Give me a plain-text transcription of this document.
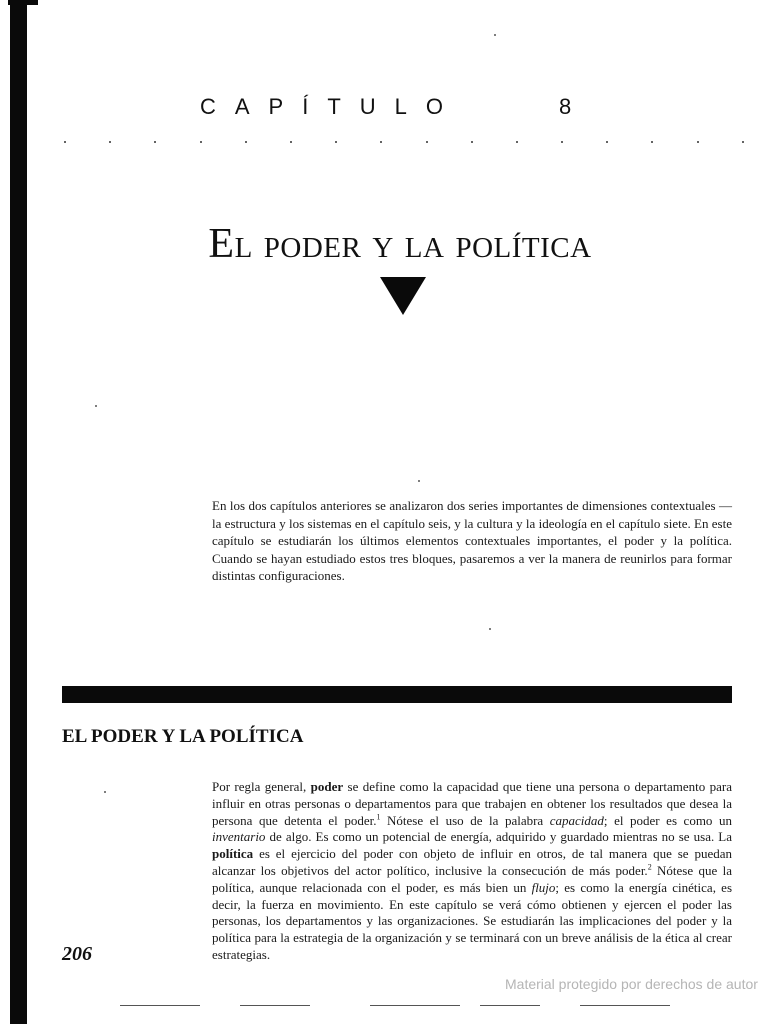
CAPÍTULO	8
El poder y la política
En los dos capítulos anteriores se analizaron dos series importantes de dimensiones contextuales —la estructura y los sistemas en el capítulo seis, y la cultura y la ideología en el capítulo siete. En este capítulo se estudiarán los últimos elementos contextuales importantes, el poder y la política. Cuando se hayan estudiado estos tres bloques, pasaremos a ver la manera de reunirlos para formar distintas configuraciones.
EL PODER Y LA POLÍTICA

Por regla general, poder se define como la capacidad que tiene una persona o departamento para influir en otras personas o departamentos para que trabajen en obtener los resultados que desea la persona que detenta el poder.$^1$ Nótese el uso de la palabra capacidad; el poder es como un inventario de algo. Es como un potencial de energía, adquirido y guardado mientras no se usa. La política es el ejercicio del poder con objeto de influir en otros, de tal manera que se puedan alcanzar los objetivos del actor político, inclusive la consecución de más poder.$^2$ Nótese que la política, aunque relacionada con el poder, es más bien un flujo; es como la energía cinética, es decir, la fuerza en movimiento. En este capítulo se verá cómo obtienen y ejercen el poder las personas, los departamentos y las organizaciones. Se estudiarán las implicaciones del poder y la política para la estrategia de la organización y se terminará con un breve análisis de la ética al crear estrategias.

206
Material protegido por derechos de autor
